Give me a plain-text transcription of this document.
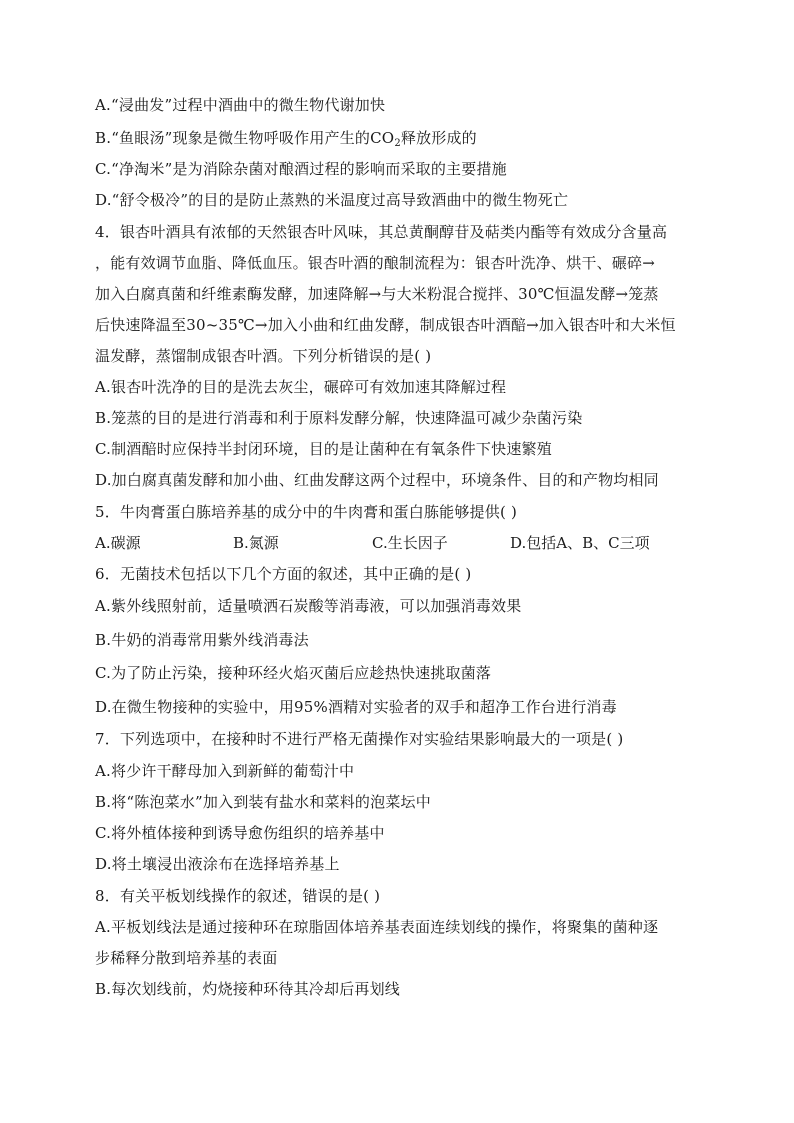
A.“浸曲发”过程中酒曲中的微生物代谢加快
B.“鱼眼汤”现象是微生物呼吸作用产生的$CO_2$释放形成的
C.“净淘米”是为消除杂菌对酿酒过程的影响而采取的主要措施
D.“舒令极冷”的目的是防止蒸熟的米温度过高导致酒曲中的微生物死亡
4．银杏叶酒具有浓郁的天然银杏叶风味，其总黄酮醇苷及萜类内酯等有效成分含量高
，能有效调节血脂、降低血压。银杏叶酒的酿制流程为：银杏叶洗净、烘干、碾碎→
加入白腐真菌和纤维素酶发酵，加速降解→与大米粉混合搅拌、30℃恒温发酵→笼蒸
后快速降温至30~35℃→加入小曲和红曲发酵，制成银杏叶酒醅→加入银杏叶和大米恒
温发酵，蒸馏制成银杏叶酒。下列分析错误的是( )
A.银杏叶洗净的目的是洗去灰尘，碾碎可有效加速其降解过程
B.笼蒸的目的是进行消毒和利于原料发酵分解，快速降温可减少杂菌污染
C.制酒醅时应保持半封闭环境，目的是让菌种在有氧条件下快速繁殖
D.加白腐真菌发酵和加小曲、红曲发酵这两个过程中，环境条件、目的和产物均相同
5．牛肉膏蛋白胨培养基的成分中的牛肉膏和蛋白胨能够提供( )
A.碳源	B.氮源	C.生长因子	D.包括A、B、C三项
6．无菌技术包括以下几个方面的叙述，其中正确的是( )
A.紫外线照射前，适量喷洒石炭酸等消毒液，可以加强消毒效果
B.牛奶的消毒常用紫外线消毒法
C.为了防止污染，接种环经火焰灭菌后应趁热快速挑取菌落
D.在微生物接种的实验中，用95%酒精对实验者的双手和超净工作台进行消毒
7．下列选项中，在接种时不进行严格无菌操作对实验结果影响最大的一项是( )
A.将少许干酵母加入到新鲜的葡萄汁中
B.将“陈泡菜水”加入到装有盐水和菜料的泡菜坛中
C.将外植体接种到诱导愈伤组织的培养基中
D.将土壤浸出液涂布在选择培养基上
8．有关平板划线操作的叙述，错误的是( )
A.平板划线法是通过接种环在琼脂固体培养基表面连续划线的操作，将聚集的菌种逐
步稀释分散到培养基的表面
B.每次划线前，灼烧接种环待其冷却后再划线
